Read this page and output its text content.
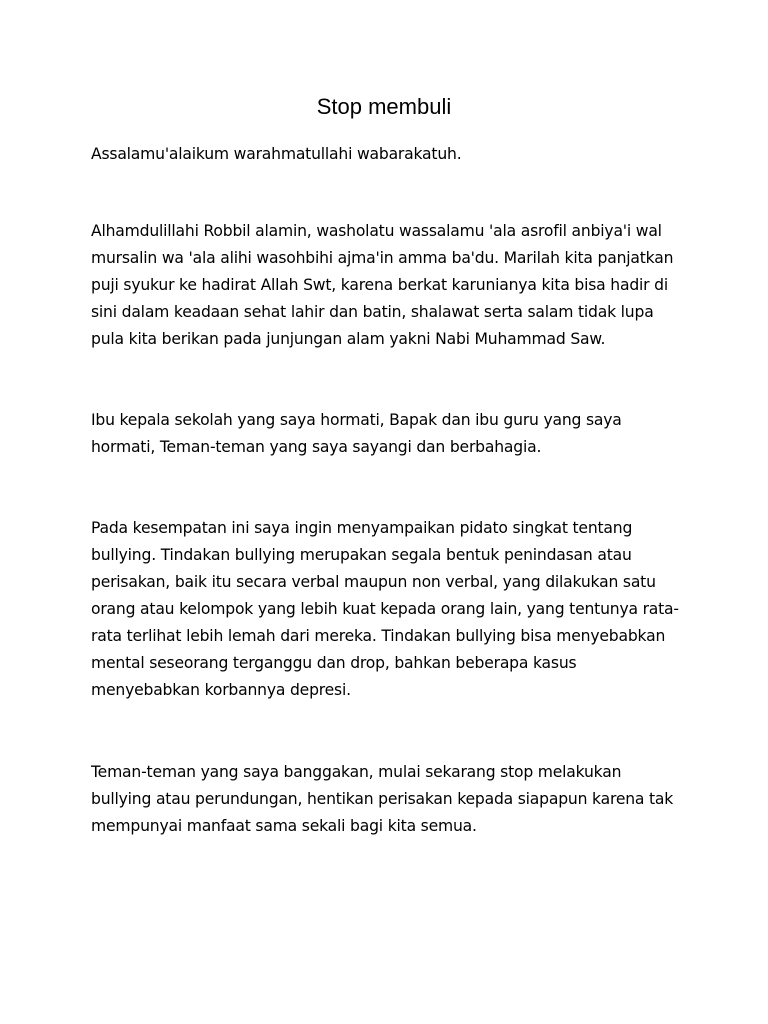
Stop membuli

Assalamu'alaikum warahmatullahi wabarakatuh.

Alhamdulillahi Robbil alamin, washolatu wassalamu 'ala asrofil anbiya'i wal
mursalin wa 'ala alihi wasohbihi ajma'in amma ba'du. Marilah kita panjatkan
puji syukur ke hadirat Allah Swt, karena berkat karunianya kita bisa hadir di
sini dalam keadaan sehat lahir dan batin, shalawat serta salam tidak lupa
pula kita berikan pada junjungan alam yakni Nabi Muhammad Saw.

Ibu kepala sekolah yang saya hormati, Bapak dan ibu guru yang saya
hormati, Teman-teman yang saya sayangi dan berbahagia.

Pada kesempatan ini saya ingin menyampaikan pidato singkat tentang
bullying. Tindakan bullying merupakan segala bentuk penindasan atau
perisakan, baik itu secara verbal maupun non verbal, yang dilakukan satu
orang atau kelompok yang lebih kuat kepada orang lain, yang tentunya rata-
rata terlihat lebih lemah dari mereka. Tindakan bullying bisa menyebabkan
mental seseorang terganggu dan drop, bahkan beberapa kasus
menyebabkan korbannya depresi.

Teman-teman yang saya banggakan, mulai sekarang stop melakukan
bullying atau perundungan, hentikan perisakan kepada siapapun karena tak
mempunyai manfaat sama sekali bagi kita semua.
